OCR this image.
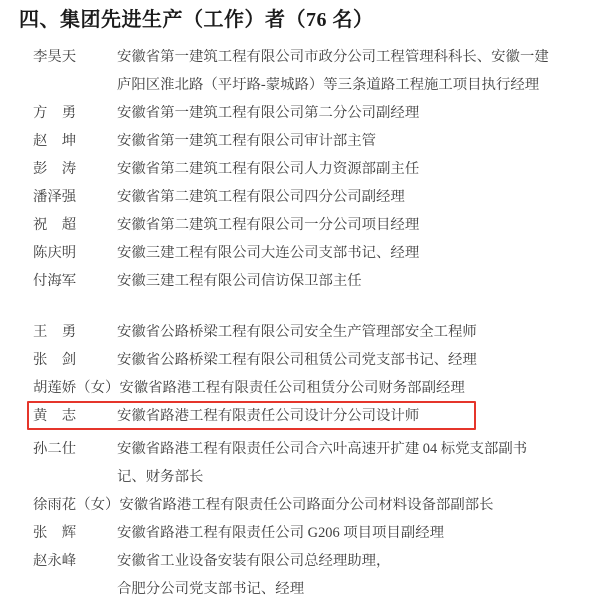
四、集团先进生产（工作）者（76 名）
李昊天	安徽省第一建筑工程有限公司市政分公司工程管理科科长、安徽一建
庐阳区淮北路（平圩路-蒙城路）等三条道路工程施工项目执行经理
方　勇	安徽省第一建筑工程有限公司第二分公司副经理
赵　坤	安徽省第一建筑工程有限公司审计部主管
彭　涛	安徽省第二建筑工程有限公司人力资源部副主任
潘泽强	安徽省第二建筑工程有限公司四分公司副经理
祝　超	安徽省第二建筑工程有限公司一分公司项目经理
陈庆明	安徽三建工程有限公司大连公司支部书记、经理
付海军	安徽三建工程有限公司信访保卫部主任
王　勇	安徽省公路桥梁工程有限公司安全生产管理部安全工程师
张　剑	安徽省公路桥梁工程有限公司租赁公司党支部书记、经理
胡莲娇（女） 安徽省路港工程有限责任公司租赁分公司财务部副经理
黄　志	安徽省路港工程有限责任公司设计分公司设计师
孙二仕	安徽省路港工程有限责任公司合六叶高速开扩建 04 标党支部副书
记、财务部长
徐雨花（女） 安徽省路港工程有限责任公司路面分公司材料设备部副部长
张　辉	安徽省路港工程有限责任公司 G206 项目项目副经理
赵永峰	安徽省工业设备安装有限公司总经理助理，
合肥分公司党支部书记、经理
